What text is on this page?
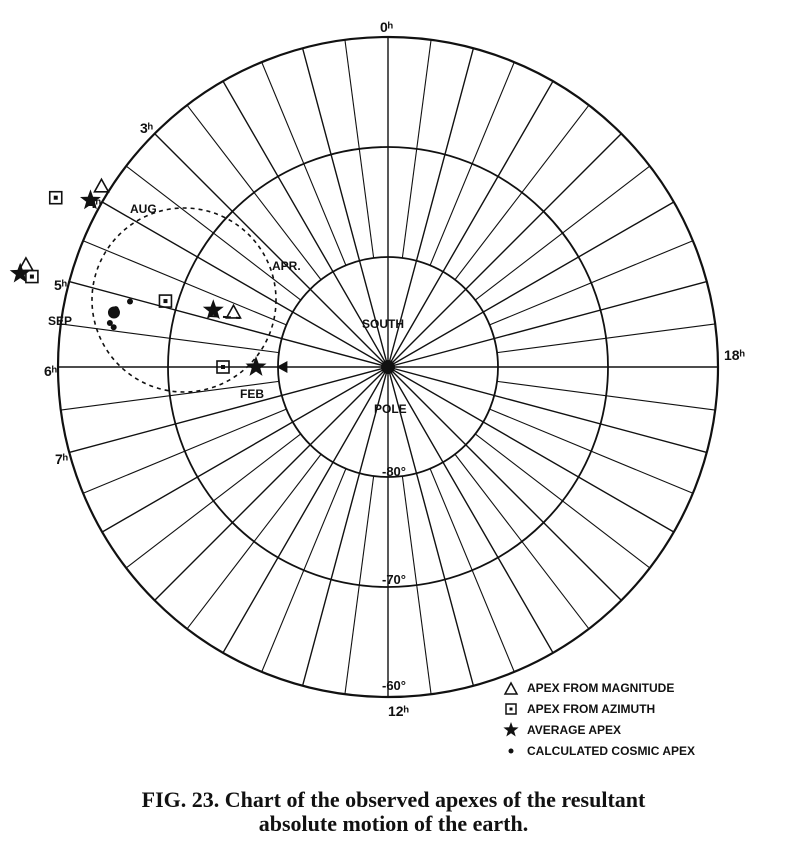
0ʰ
3ʰ
4ʰ
5ʰ
6ʰ
7ʰ
12ʰ
18ʰ
-80°
-70°
-60°
AUG
APR.
SEP
FEB
SOUTH
POLE
APEX FROM MAGNITUDE
APEX FROM AZIMUTH
AVERAGE APEX
CALCULATED COSMIC APEX
FIG. 23. Chart of the observed apexes of the resultant
absolute motion of the earth.
